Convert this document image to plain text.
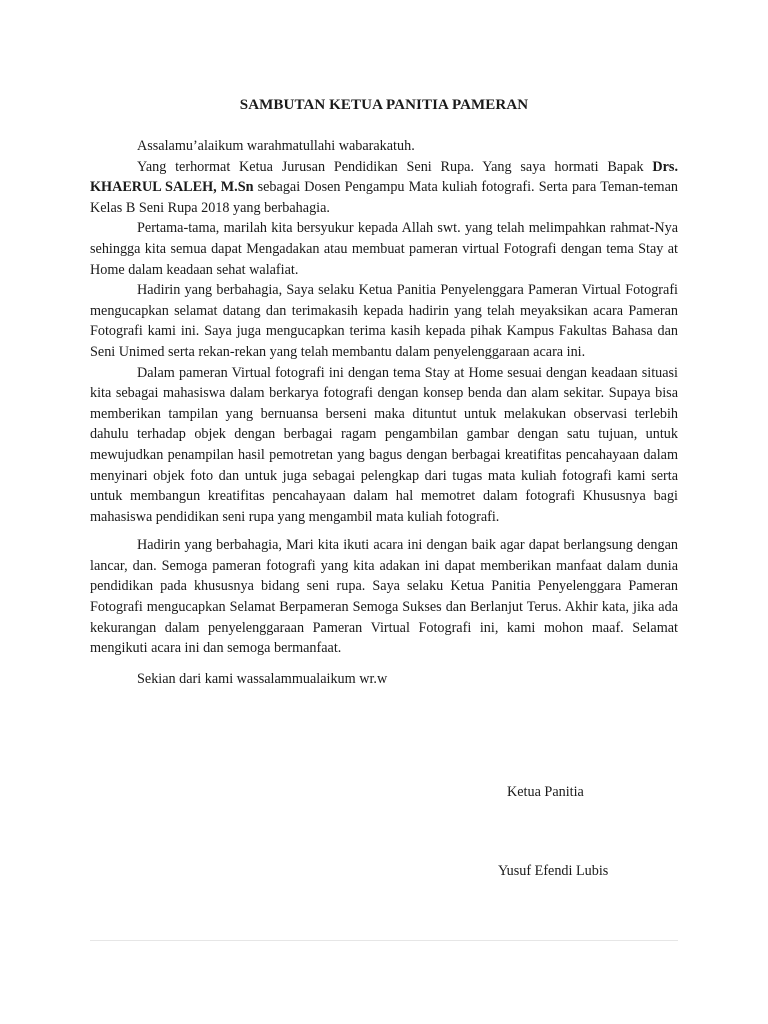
SAMBUTAN KETUA PANITIA PAMERAN

Assalamu’alaikum warahmatullahi wabarakatuh.

Yang terhormat Ketua Jurusan Pendidikan Seni Rupa. Yang saya hormati Bapak Drs. KHAERUL SALEH, M.Sn sebagai Dosen Pengampu Mata kuliah fotografi. Serta para Teman-teman Kelas B Seni Rupa 2018 yang berbahagia.

Pertama-tama, marilah kita bersyukur kepada Allah swt. yang telah melimpahkan rahmat-Nya sehingga kita semua dapat Mengadakan atau membuat pameran virtual Fotografi dengan tema Stay at Home dalam keadaan sehat walafiat.

Hadirin yang berbahagia, Saya selaku Ketua Panitia Penyelenggara Pameran Virtual Fotografi mengucapkan selamat datang dan terimakasih kepada hadirin yang telah meyaksikan acara Pameran Fotografi kami ini. Saya juga mengucapkan terima kasih kepada pihak Kampus Fakultas Bahasa dan Seni Unimed serta rekan-rekan yang telah membantu dalam penyelenggaraan acara ini.

Dalam pameran Virtual fotografi ini dengan tema Stay at Home sesuai dengan keadaan situasi kita sebagai mahasiswa dalam berkarya fotografi dengan konsep benda dan alam sekitar. Supaya bisa memberikan tampilan yang bernuansa berseni maka dituntut untuk melakukan observasi terlebih dahulu terhadap objek dengan berbagai ragam pengambilan gambar dengan satu tujuan, untuk mewujudkan penampilan hasil pemotretan yang bagus dengan berbagai kreatifitas pencahayaan dalam menyinari objek foto dan untuk juga sebagai pelengkap dari tugas mata kuliah fotografi kami serta untuk membangun kreatifitas pencahayaan dalam hal memotret dalam fotografi Khususnya bagi mahasiswa pendidikan seni rupa yang mengambil mata kuliah fotografi.

Hadirin yang berbahagia, Mari kita ikuti acara ini dengan baik agar dapat berlangsung dengan lancar, dan. Semoga pameran fotografi yang kita adakan ini dapat memberikan manfaat dalam dunia pendidikan pada khususnya bidang seni rupa. Saya selaku Ketua Panitia Penyelenggara Pameran Fotografi mengucapkan Selamat Berpameran Semoga Sukses dan Berlanjut Terus. Akhir kata, jika ada kekurangan dalam penyelenggaraan Pameran Virtual Fotografi ini, kami mohon maaf. Selamat mengikuti acara ini dan semoga bermanfaat.

Sekian dari kami wassalammualaikum wr.w

Ketua Panitia
Yusuf Efendi Lubis
